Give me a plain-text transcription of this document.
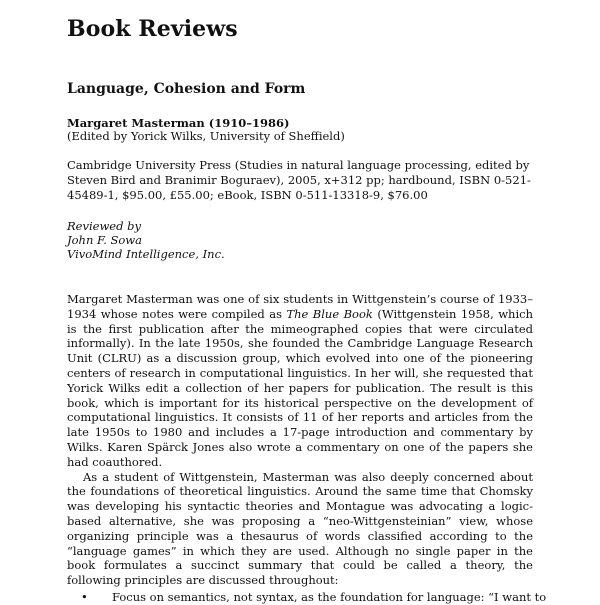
Book Reviews
Language, Cohesion and Form

Margaret Masterman (1910–1986)

(Edited by Yorick Wilks, University of Sheffield)

Cambridge University Press (Studies in natural language processing, edited by Steven Bird and Branimir Boguraev), 2005, x+312 pp; hardbound, ISBN 0-521-45489-1, $95.00, £55.00; eBook, ISBN 0-511-13318-9, $76.00

Reviewed by
John F. Sowa
VivoMind Intelligence, Inc.

Margaret Masterman was one of six students in Wittgenstein’s course of 1933–1934 whose notes were compiled as The Blue Book (Wittgenstein 1958, which is the first publication after the mimeographed copies that were circulated informally). In the late 1950s, she founded the Cambridge Language Research Unit (CLRU) as a discussion group, which evolved into one of the pioneering centers of research in computational linguistics. In her will, she requested that Yorick Wilks edit a collection of her papers for publication. The result is this book, which is important for its historical perspective on the development of computational linguistics. It consists of 11 of her reports and articles from the late 1950s to 1980 and includes a 17-page introduction and commentary by Wilks. Karen Spärck Jones also wrote a commentary on one of the papers she had coauthored.

As a student of Wittgenstein, Masterman was also deeply concerned about the foundations of theoretical linguistics. Around the same time that Chomsky was developing his syntactic theories and Montague was advocating a logic-based alternative, she was proposing a “neo-Wittgensteinian” view, whose organizing principle was a thesaurus of words classified according to the “language games” in which they are used. Although no single paper in the book formulates a succinct summary that could be called a theory, the following principles are discussed throughout:

• Focus on semantics, not syntax, as the foundation for language: “I want to
